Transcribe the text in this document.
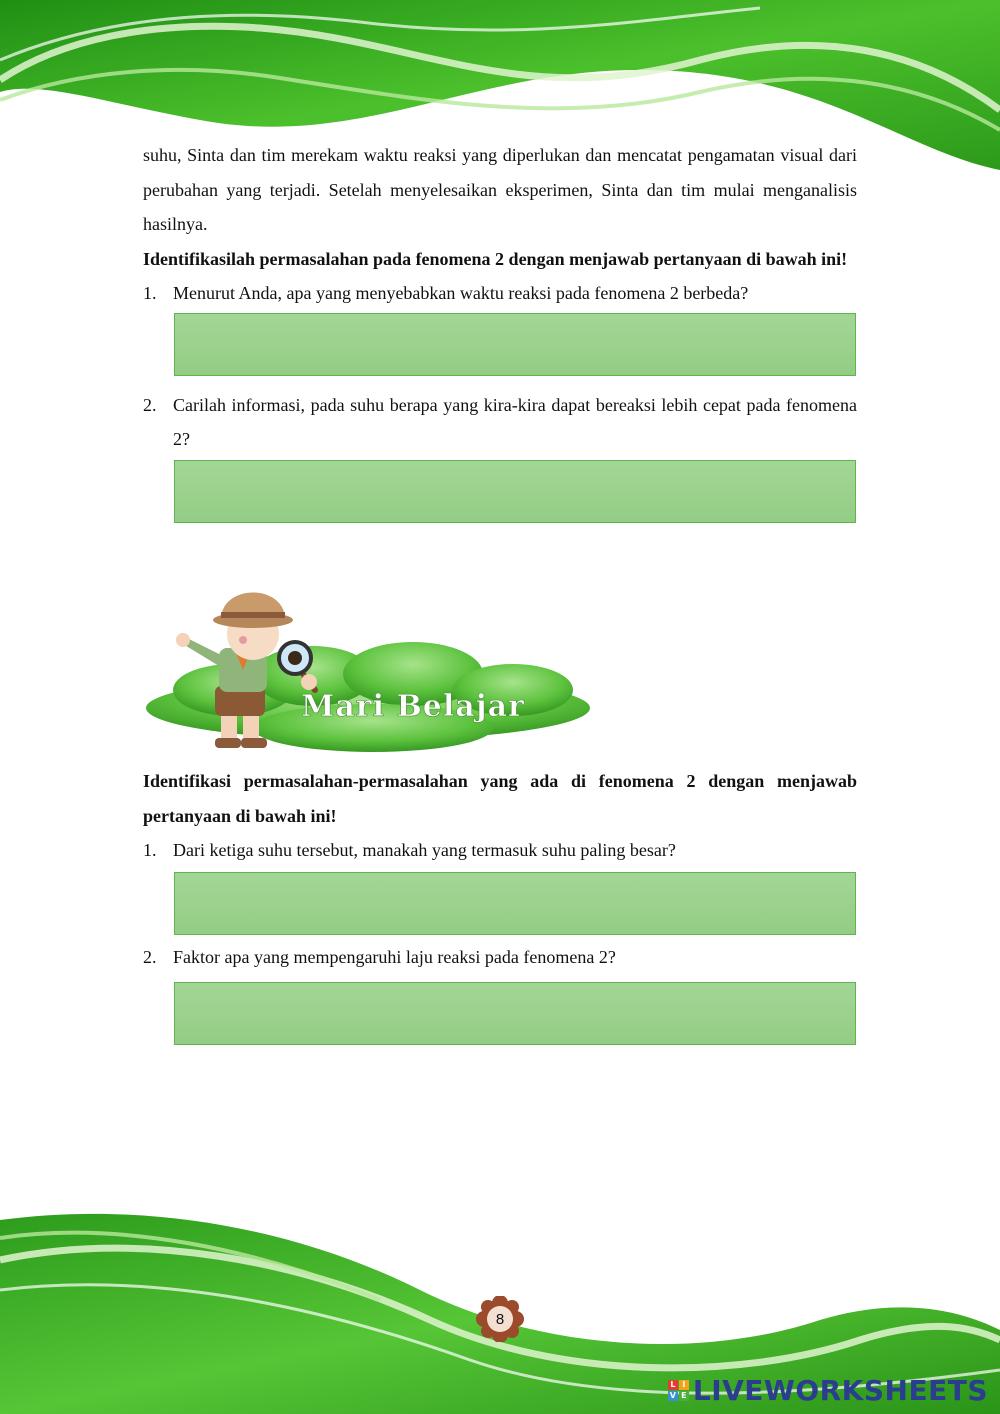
suhu, Sinta dan tim merekam waktu reaksi yang diperlukan dan mencatat pengamatan visual dari perubahan yang terjadi. Setelah menyelesaikan eksperimen, Sinta dan tim mulai menganalisis hasilnya.

Identifikasilah permasalahan pada fenomena 2 dengan menjawab pertanyaan di bawah ini!

1. Menurut Anda, apa yang menyebabkan waktu reaksi pada fenomena 2 berbeda?
2. Carilah informasi, pada suhu berapa yang kira-kira dapat bereaksi lebih cepat pada fenomena 2?
Mari Belajar

Identifikasi permasalahan-permasalahan yang ada di fenomena 2 dengan menjawab pertanyaan di bawah ini!

1. Dari ketiga suhu tersebut, manakah yang termasuk suhu paling besar?
2. Faktor apa yang mempengaruhi laju reaksi pada fenomena 2?
8
L I
V E LIVEWORKSHEETS
